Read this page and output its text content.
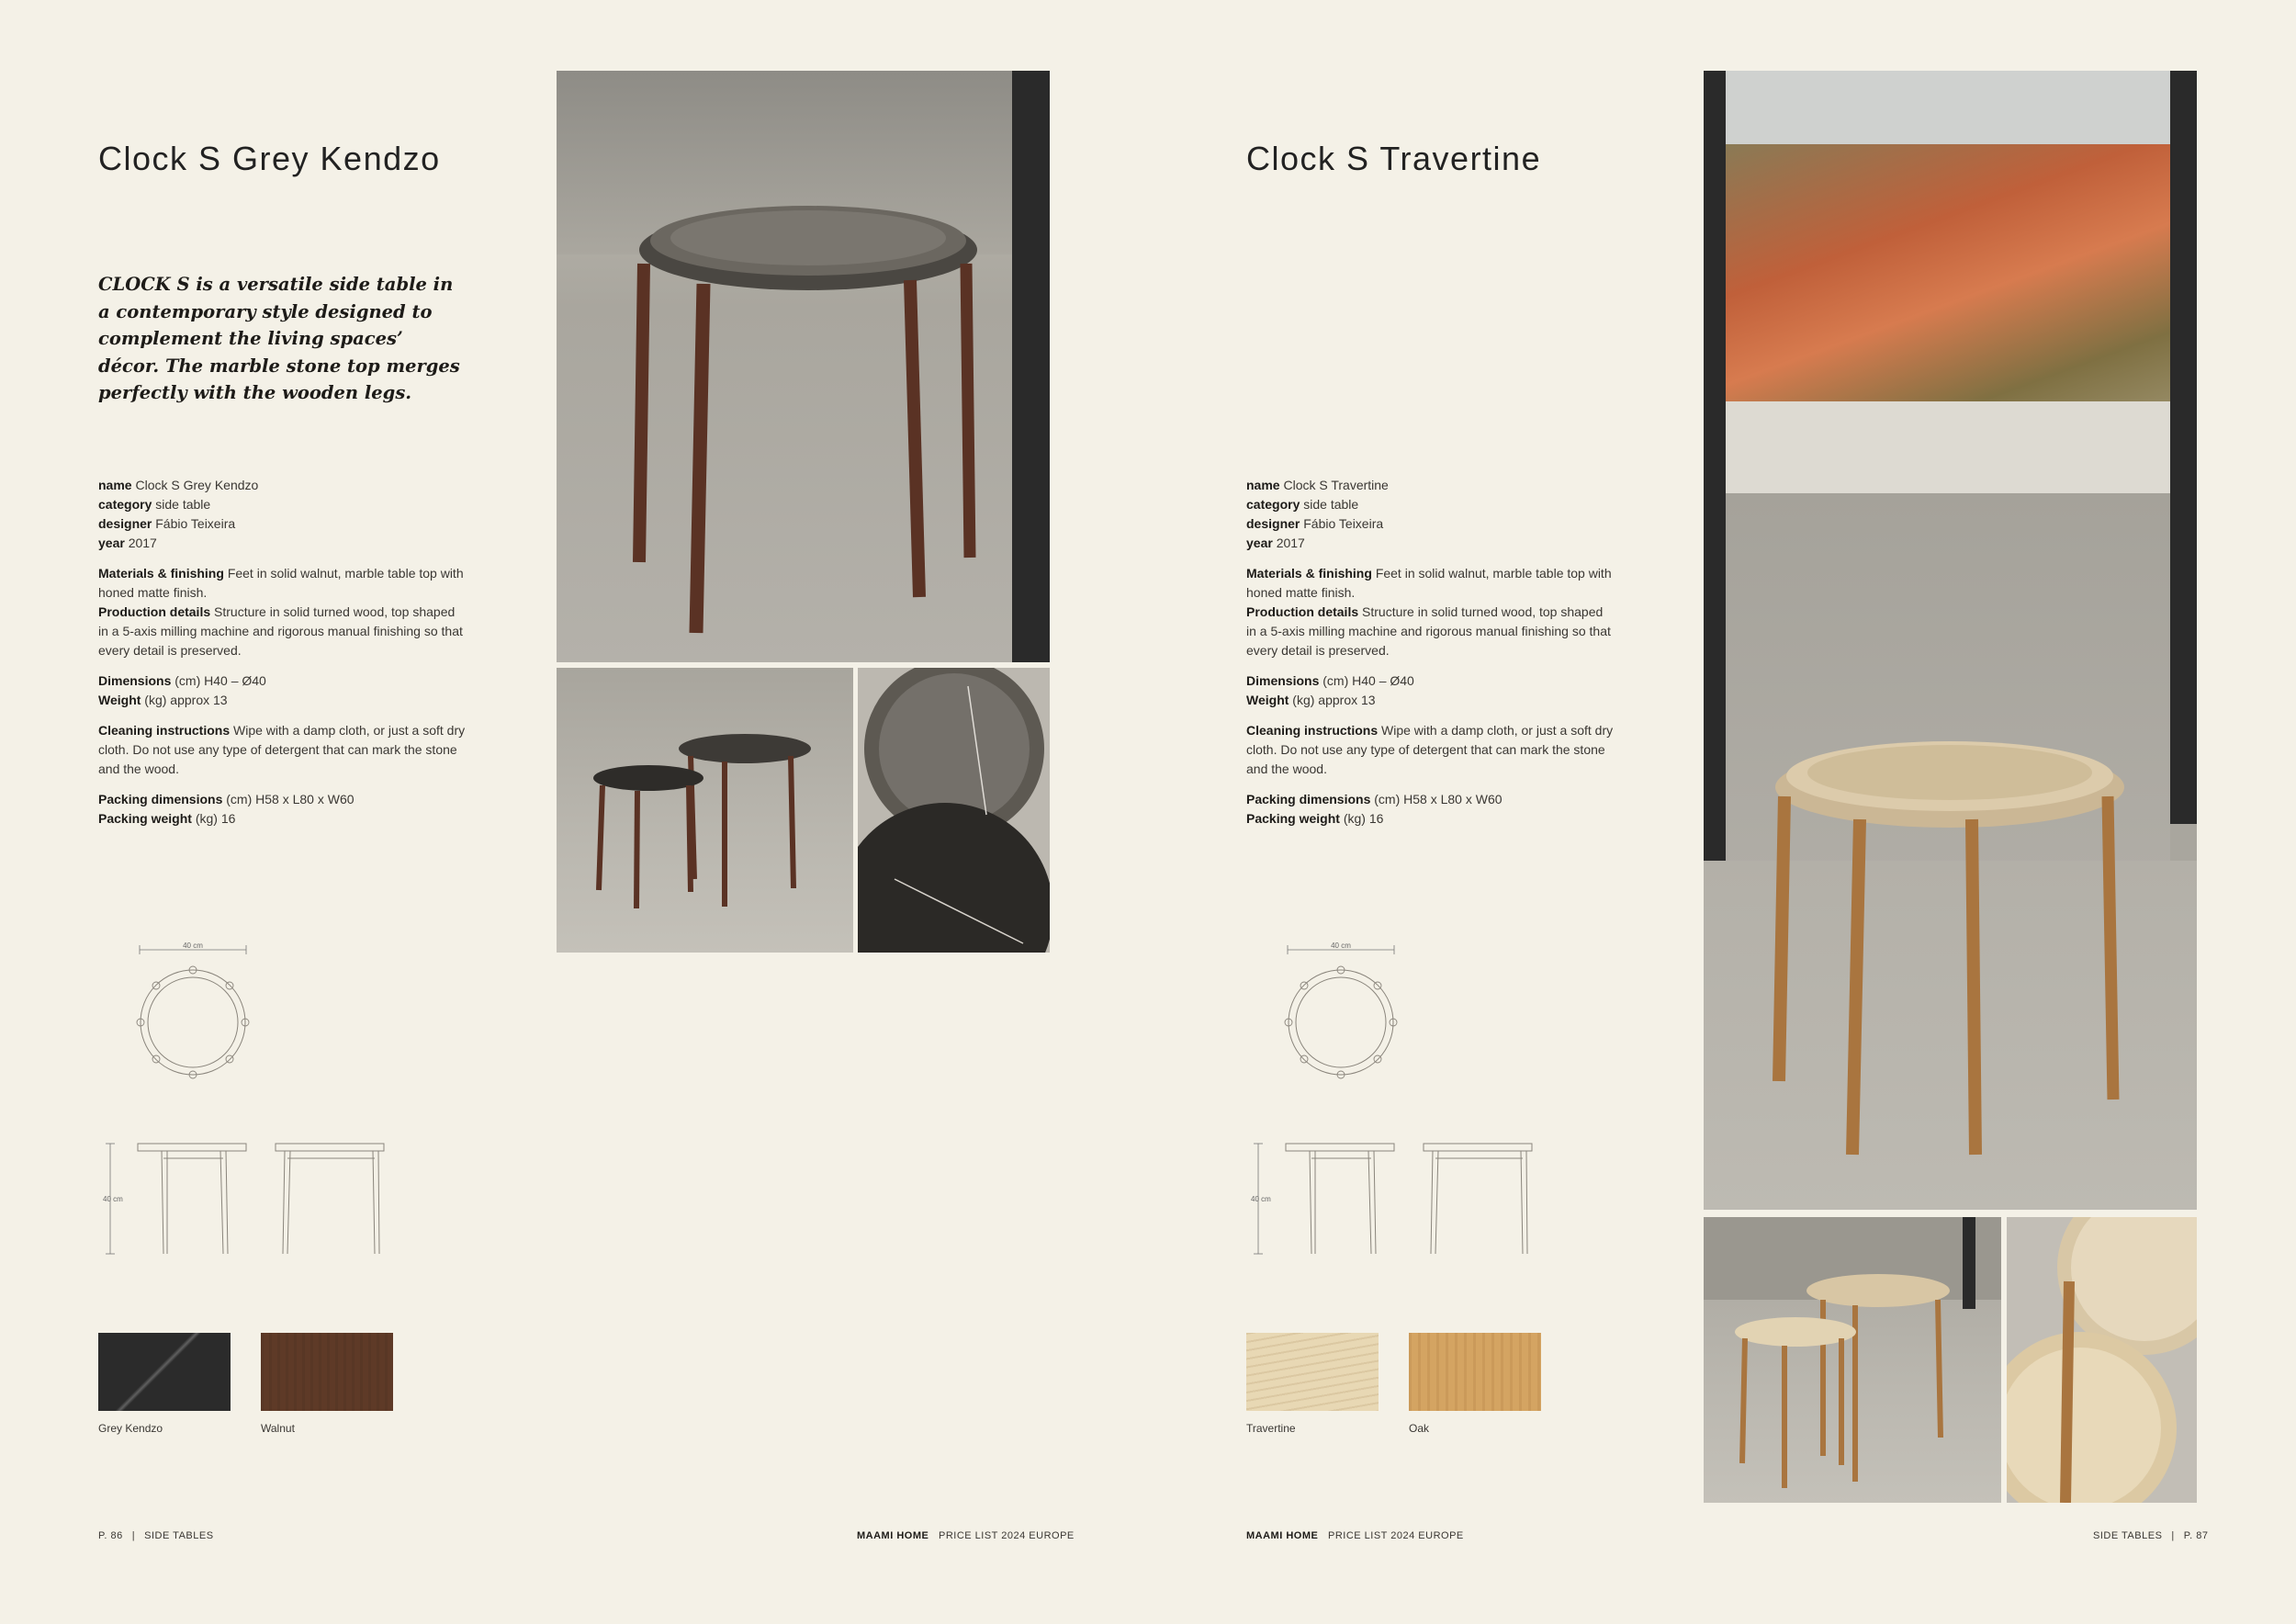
Clock S Grey Kendzo
CLOCK S is a versatile side table in a contemporary style designed to complement the living spaces’ décor. The marble stone top merges perfectly with the wooden legs.

name Clock S Grey Kendzo
category side table
designer Fábio Teixeira
year 2017

Materials & finishing Feet in solid walnut, marble table top with honed matte finish.
Production details Structure in solid turned wood, top shaped in a 5-axis milling machine and rigorous manual finishing so that every detail is preserved.

Dimensions (cm) H40 – Ø40
Weight (kg) approx 13

Cleaning instructions Wipe with a damp cloth, or just a soft dry cloth. Do not use any type of detergent that can mark the stone and the wood.

Packing dimensions (cm) H58 x L80 x W60
Packing weight (kg) 16

40 cm
40 cm
Grey Kendzo	Walnut
P. 86 | SIDE TABLES	MAAMI HOME PRICE LIST 2024 EUROPE
Clock S Travertine

name Clock S Travertine
category side table
designer Fábio Teixeira
year 2017

Materials & finishing Feet in solid walnut, marble table top with honed matte finish.
Production details Structure in solid turned wood, top shaped in a 5-axis milling machine and rigorous manual finishing so that every detail is preserved.

Dimensions (cm) H40 – Ø40
Weight (kg) approx 13

Cleaning instructions Wipe with a damp cloth, or just a soft dry cloth. Do not use any type of detergent that can mark the stone and the wood.

Packing dimensions (cm) H58 x L80 x W60
Packing weight (kg) 16

40 cm
40 cm
Travertine	Oak
MAAMI HOME PRICE LIST 2024 EUROPE	SIDE TABLES | P. 87
